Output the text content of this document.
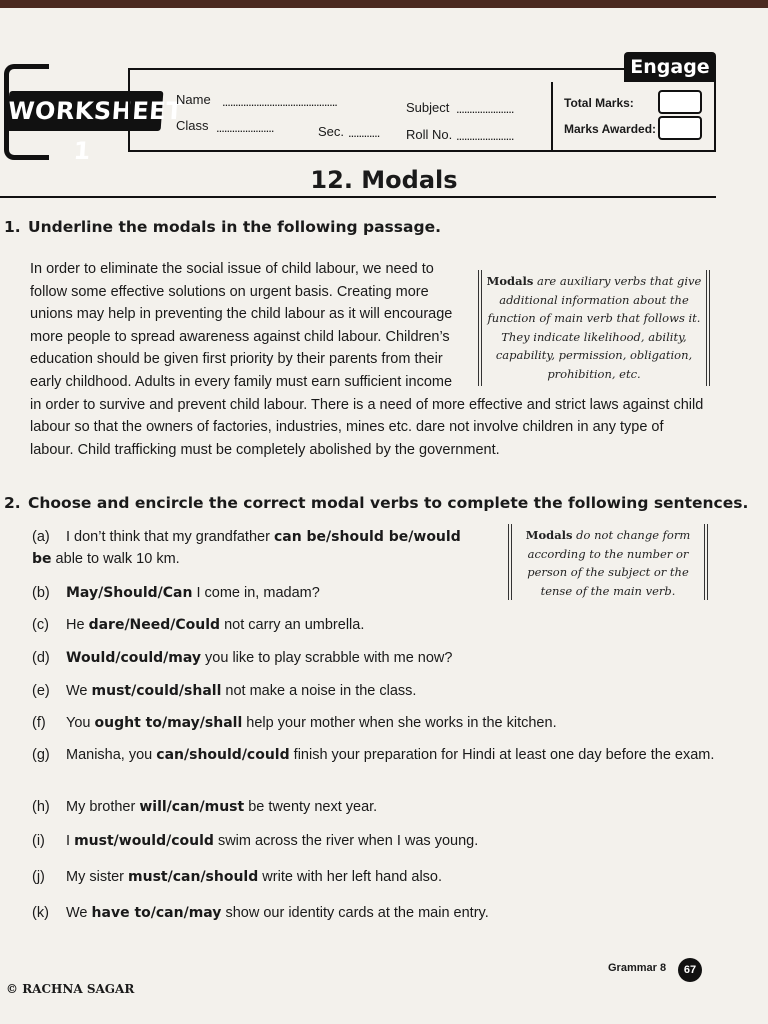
WORKSHEET 1
Engage
Name ............................................	Subject ......................
Class ......................	Sec. ............ Roll No. ......................
Total Marks:
Marks Awarded:
12. Modals
1. Underline the modals in the following passage.
In order to eliminate the social issue of child labour, we need to follow some effective solutions on urgent basis. Creating more unions may help in preventing the child labour as it will encourage more people to spread awareness against child labour. Children’s education should be given first priority by their parents from their early childhood. Adults in every family must earn sufficient income in order to survive and prevent child labour. There is a need of more effective and strict laws against child labour so that the owners of factories, industries, mines etc. dare not involve children in any type of labour. Child trafficking must be completely abolished by the government.
Modals are auxiliary verbs that give additional information about the function of main verb that follows it. They indicate likelihood, ability, capability, permission, obligation, prohibition, etc.
2. Choose and encircle the correct modal verbs to complete the following sentences.
Modals do not change form according to the number or person of the subject or the tense of the main verb.
(a) I don’t think that my grandfather can be/should be/would be able to walk 10 km.
(b) May/Should/Can I come in, madam?
(c) He dare/Need/Could not carry an umbrella.
(d) Would/could/may you like to play scrabble with me now?
(e) We must/could/shall not make a noise in the class.
(f) You ought to/may/shall help your mother when she works in the kitchen.
(g) Manisha, you can/should/could finish your preparation for Hindi at least one day before the exam.
(h) My brother will/can/must be twenty next year.
(i) I must/would/could swim across the river when I was young.
(j) My sister must/can/should write with her left hand also.
(k) We have to/can/may show our identity cards at the main entry.
Grammar 8	67
© RACHNA SAGAR
